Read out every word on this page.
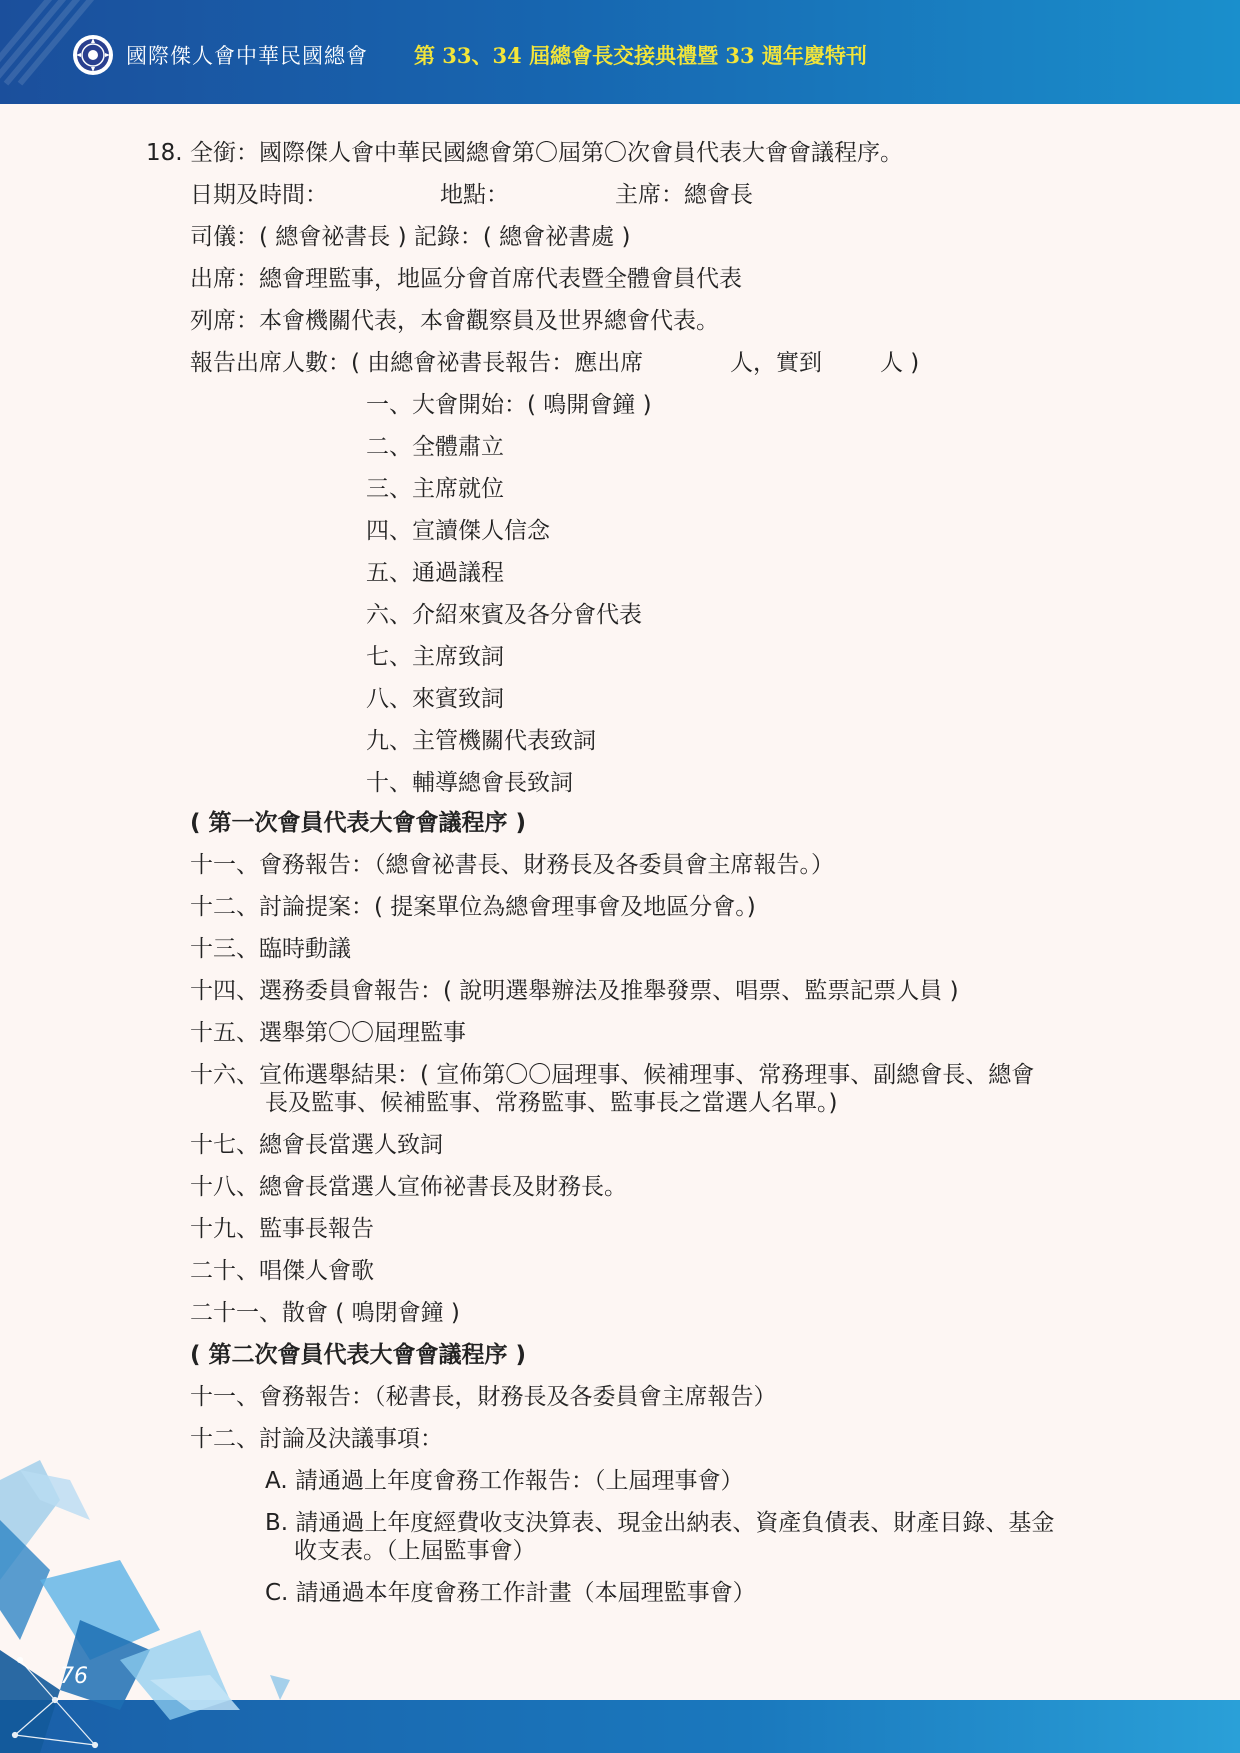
國際傑人會中華民國總會 第 33、34 屆總會長交接典禮暨 33 週年慶特刊
18. 全銜：國際傑人會中華民國總會第〇屆第〇次會員代表大會會議程序。
日期及時間：	地點：	主席：總會長
司儀：( 總會祕書長 ) 記錄：( 總會祕書處 )
出席：總會理監事，地區分會首席代表暨全體會員代表
列席：本會機關代表，本會觀察員及世界總會代表。
報告出席人數：( 由總會祕書長報告：應出席	人，實到	人 )
一、大會開始：( 鳴開會鐘 )
二、全體肅立
三、主席就位
四、宣讀傑人信念
五、通過議程
六、介紹來賓及各分會代表
七、主席致詞
八、來賓致詞
九、主管機關代表致詞
十、輔導總會長致詞
( 第一次會員代表大會會議程序 )
十一、會務報告：（總會祕書長、財務長及各委員會主席報告。）
十二、討論提案：( 提案單位為總會理事會及地區分會。)
十三、臨時動議
十四、選務委員會報告：( 說明選舉辦法及推舉發票、唱票、監票記票人員 )
十五、選舉第〇〇屆理監事
十六、宣佈選舉結果：( 宣佈第〇〇屆理事、候補理事、常務理事、副總會長、總會
長及監事、候補監事、常務監事、監事長之當選人名單。)
十七、總會長當選人致詞
十八、總會長當選人宣佈祕書長及財務長。
十九、監事長報告
二十、唱傑人會歌
二十一、散會 ( 鳴閉會鐘 )
( 第二次會員代表大會會議程序 )
十一、會務報告：（秘書長，財務長及各委員會主席報告）
十二、討論及決議事項：
A. 請通過上年度會務工作報告：（上屆理事會）
B. 請通過上年度經費收支決算表、現金出納表、資產負債表、財產目錄、基金
收支表。（上屆監事會）
C. 請通過本年度會務工作計畫（本屆理監事會）
76
